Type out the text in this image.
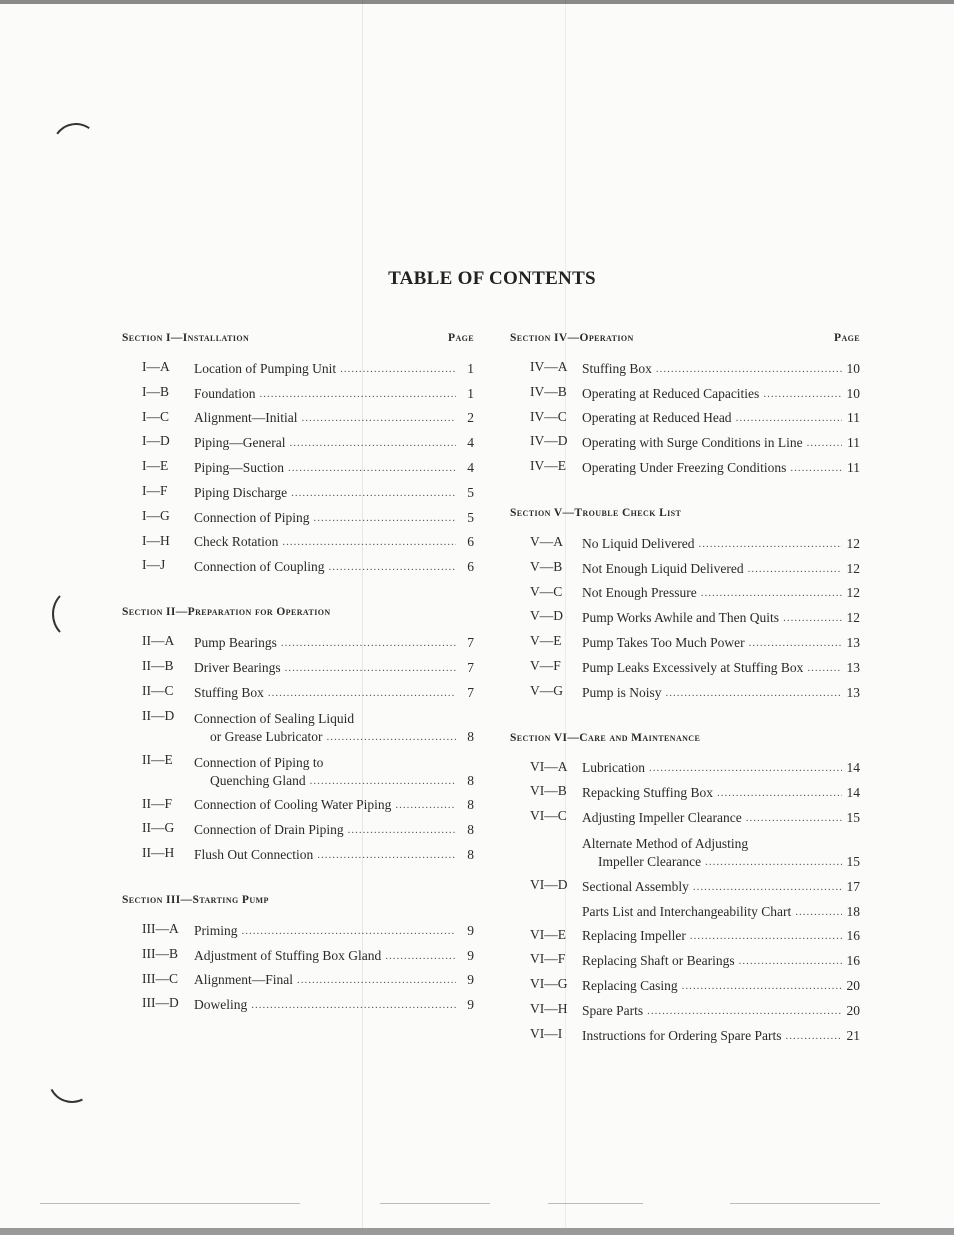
TABLE OF CONTENTS
Section I—Installation	Page
I—A	Location of Pumping Unit .....	1
I—B	Foundation .....	1
I—C	Alignment—Initial .....	2
I—D	Piping—General .....	4
I—E	Piping—Suction .....	4
I—F	Piping Discharge .....	5
I—G	Connection of Piping .....	5
I—H	Check Rotation .....	6
I—J	Connection of Coupling .....	6
Section II—Preparation for Operation
II—A	Pump Bearings .....	7
II—B	Driver Bearings .....	7
II—C	Stuffing Box .....	7
II—D	Connection of Sealing Liquid
or Grease Lubricator .....	8
II—E	Connection of Piping to
Quenching Gland .....	8
II—F	Connection of Cooling Water Piping .....	8
II—G	Connection of Drain Piping .....	8
II—H	Flush Out Connection .....	8
Section III—Starting Pump
III—A	Priming .....	9
III—B	Adjustment of Stuffing Box Gland .....	9
III—C	Alignment—Final .....	9
III—D	Doweling .....	9
Section IV—Operation	Page
IV—A	Stuffing Box .....	10
IV—B	Operating at Reduced Capacities .....	10
IV—C	Operating at Reduced Head .....	11
IV—D	Operating with Surge Conditions in Line .....	11
IV—E	Operating Under Freezing Conditions .....	11
Section V—Trouble Check List
V—A	No Liquid Delivered .....	12
V—B	Not Enough Liquid Delivered .....	12
V—C	Not Enough Pressure .....	12
V—D	Pump Works Awhile and Then Quits .....	12
V—E	Pump Takes Too Much Power .....	13
V—F	Pump Leaks Excessively at Stuffing Box .....	13
V—G	Pump is Noisy .....	13
Section VI—Care and Maintenance
VI—A	Lubrication .....	14
VI—B	Repacking Stuffing Box .....	14
VI—C	Adjusting Impeller Clearance .....	15
Alternate Method of Adjusting
Impeller Clearance .....	15
VI—D	Sectional Assembly .....	17
Parts List and Interchangeability Chart .....	18
VI—E	Replacing Impeller .....	16
VI—F	Replacing Shaft or Bearings .....	16
VI—G	Replacing Casing .....	20
VI—H	Spare Parts .....	20
VI—I	Instructions for Ordering Spare Parts .....	21
